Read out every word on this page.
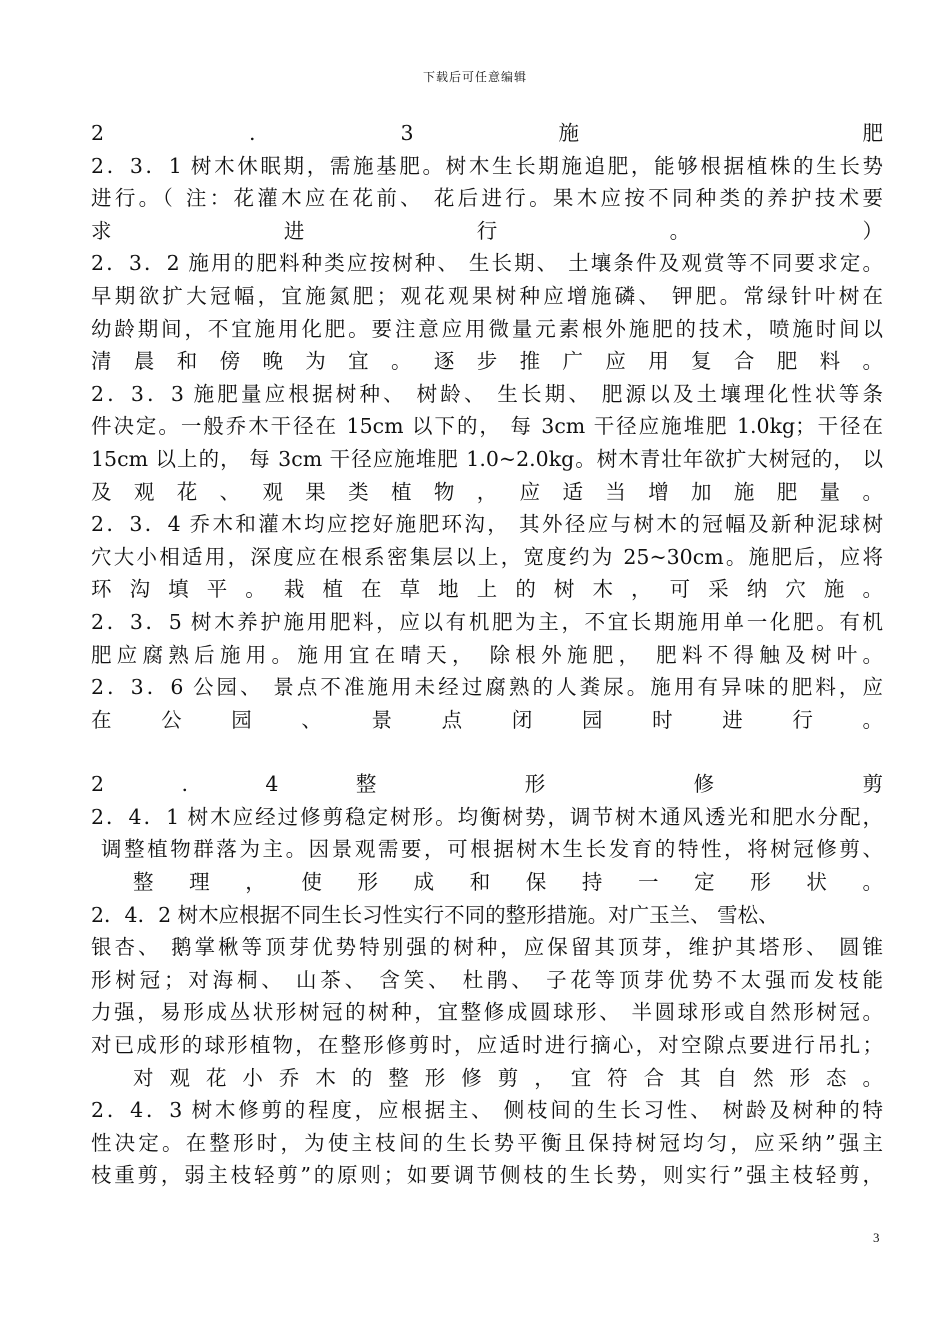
下载后可任意编辑
2 . 3 施 肥
2．3．1 树木休眠期，需施基肥。树木生长期施追肥，能够根据植株的生长势
进行。（ 注：花灌木应在花前、 花后进行。果木应按不同种类的养护技术要
求 进 行 。 ）
2．3．2 施用的肥料种类应按树种、 生长期、 土壤条件及观赏等不同要求定。
早期欲扩大冠幅，宜施氮肥；观花观果树种应增施磷、 钾肥。常绿针叶树在
幼龄期间，不宜施用化肥。要注意应用微量元素根外施肥的技术，喷施时间以
清 晨 和 傍 晚 为 宜 。 逐 步 推 广 应 用 复 合 肥 料 。
2．3．3 施肥量应根据树种、 树龄、 生长期、 肥源以及土壤理化性状等条
件决定。一般乔木干径在 15cm 以下的， 每 3cm 干径应施堆肥 1.0kg；干径在
15cm 以上的， 每 3cm 干径应施堆肥 1.0~2.0kg。树木青壮年欲扩大树冠的， 以
及 观 花 、 观 果 类 植 物 ， 应 适 当 增 加 施 肥 量 。
2．3．4 乔木和灌木均应挖好施肥环沟， 其外径应与树木的冠幅及新种泥球树
穴大小相适用，深度应在根系密集层以上，宽度约为 25~30cm。施肥后，应将
环 沟 填 平 。 栽 植 在 草 地 上 的 树 木 ， 可 采 纳 穴 施 。
2．3．5 树木养护施用肥料，应以有机肥为主，不宜长期施用单一化肥。有机
肥应腐熟后施用。施用宜在晴天， 除根外施肥， 肥料不得触及树叶。
2．3．6 公园、 景点不准施用未经过腐熟的人粪尿。施用有异味的肥料，应
在 公 园 、 景 点 闭 园 时 进 行 。
2 . 4 整 形 修 剪
2．4．1 树木应经过修剪稳定树形。均衡树势，调节树木通风透光和肥水分配，
调整植物群落为主。因景观需要，可根据树木生长发育的特性，将树冠修剪、
整 理 ， 使 形 成 和 保 持 一 定 形 状 。
2．4．2 树木应根据不同生长习性实行不同的整形措施。对广玉兰、 雪松、
银杏、 鹅掌楸等顶芽优势特别强的树种，应保留其顶芽，维护其塔形、 圆锥
形树冠；对海桐、 山茶、 含笑、 杜鹃、 子花等顶芽优势不太强而发枝能
力强，易形成丛状形树冠的树种，宜整修成圆球形、 半圆球形或自然形树冠。
对已成形的球形植物，在整形修剪时，应适时进行摘心，对空隙点要进行吊扎；
对 观 花 小 乔 木 的 整 形 修 剪 ， 宜 符 合 其 自 然 形 态 。
2．4．3 树木修剪的程度，应根据主、 侧枝间的生长习性、 树龄及树种的特
性决定。在整形时，为使主枝间的生长势平衡且保持树冠均匀，应采纳”强主
枝重剪，弱主枝轻剪”的原则；如要调节侧枝的生长势，则实行”强主枝轻剪，
3
